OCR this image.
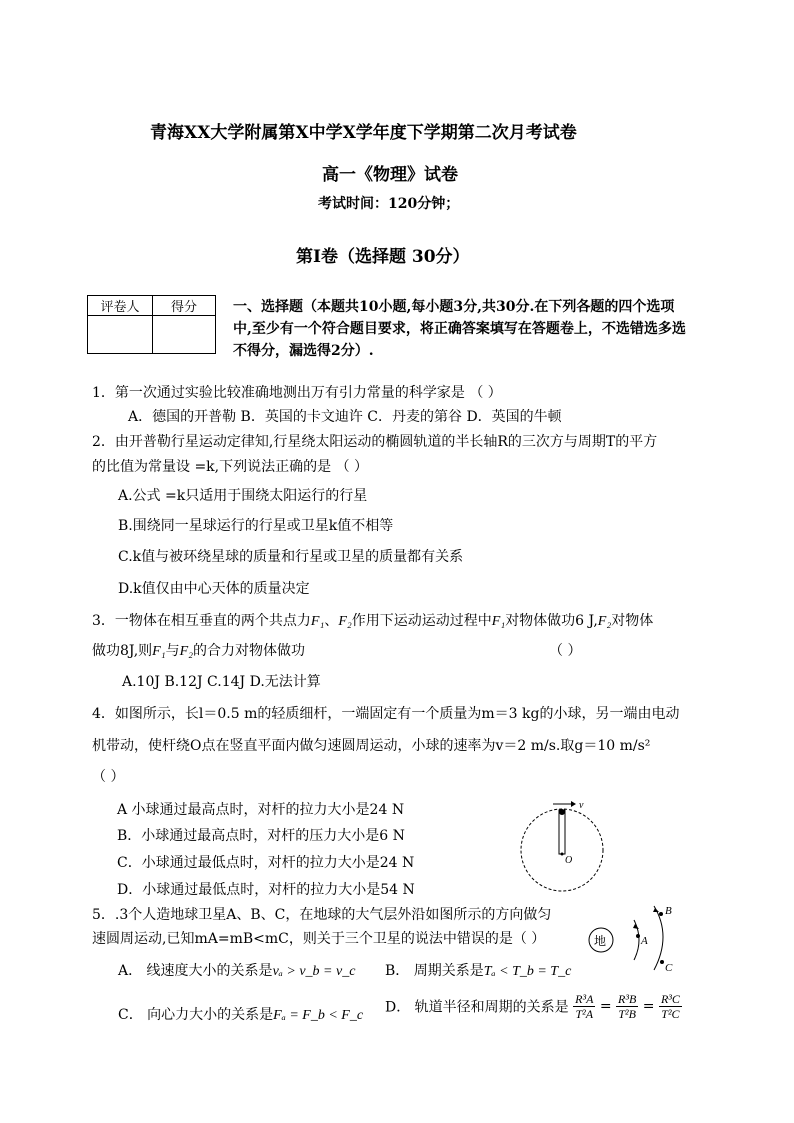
青海XX大学附属第X中学X学年度下学期第二次月考试卷
高一《物理》试卷
考试时间：120分钟；
第Ⅰ卷（选择题 30分）
评卷人	得分
		一、选择题（本题共10小题,每小题3分,共30分.在下列各题的四个选项
中,至少有一个符合题目要求，将正确答案填写在答题卷上，不选错选多选
不得分，漏选得2分）.
1．第一次通过实验比较准确地测出万有引力常量的科学家是 （ ）
A．德国的开普勒 B．英国的卡文迪许 C．丹麦的第谷 D．英国的牛顿
2．由开普勒行星运动定律知,行星绕太阳运动的椭圆轨道的半长轴R的三次方与周期T的平方
的比值为常量设 =k,下列说法正确的是 （ ）
A.公式 =k只适用于围绕太阳运行的行星
B.围绕同一星球运行的行星或卫星k值不相等
C.k值与被环绕星球的质量和行星或卫星的质量都有关系
D.k值仅由中心天体的质量决定
3．一物体在相互垂直的两个共点力F₁、F₂作用下运动运动过程中F₁对物体做功6 J,F₂对物体
做功8J,则F₁与F₂的合力对物体做功	（ ）
A.10J B.12J C.14J D.无法计算
4．如图所示，长l＝0.5 m的轻质细杆，一端固定有一个质量为m＝3 kg的小球，另一端由电动
机带动，使杆绕O点在竖直平面内做匀速圆周运动，小球的速率为v＝2 m/s.取g＝10 m/s²
（ ）
A 小球通过最高点时，对杆的拉力大小是24 N
B．小球通过最高点时，对杆的压力大小是6 N
C．小球通过最低点时，对杆的拉力大小是24 N
D．小球通过最低点时，对杆的拉力大小是54 N
v
O
5．.3个人造地球卫星A、B、C，在地球的大气层外沿如图所示的方向做匀
速圆周运动,已知mA=mB<mC，则关于三个卫星的说法中错误的是（ ）
A． 线速度大小的关系是vₐ > v_b = v_c B． 周期关系是Tₐ < T_b = T_c
C． 向心力大小的关系是Fₐ = F_b < F_c D． 轨道半径和周期的关系是 $\frac{\text{R³A}}{\text{T²A}} = \frac{\text{R³B}}{\text{T²B}} = \frac{\text{R³C}}{\text{T²C}}$
地	A
B
C
